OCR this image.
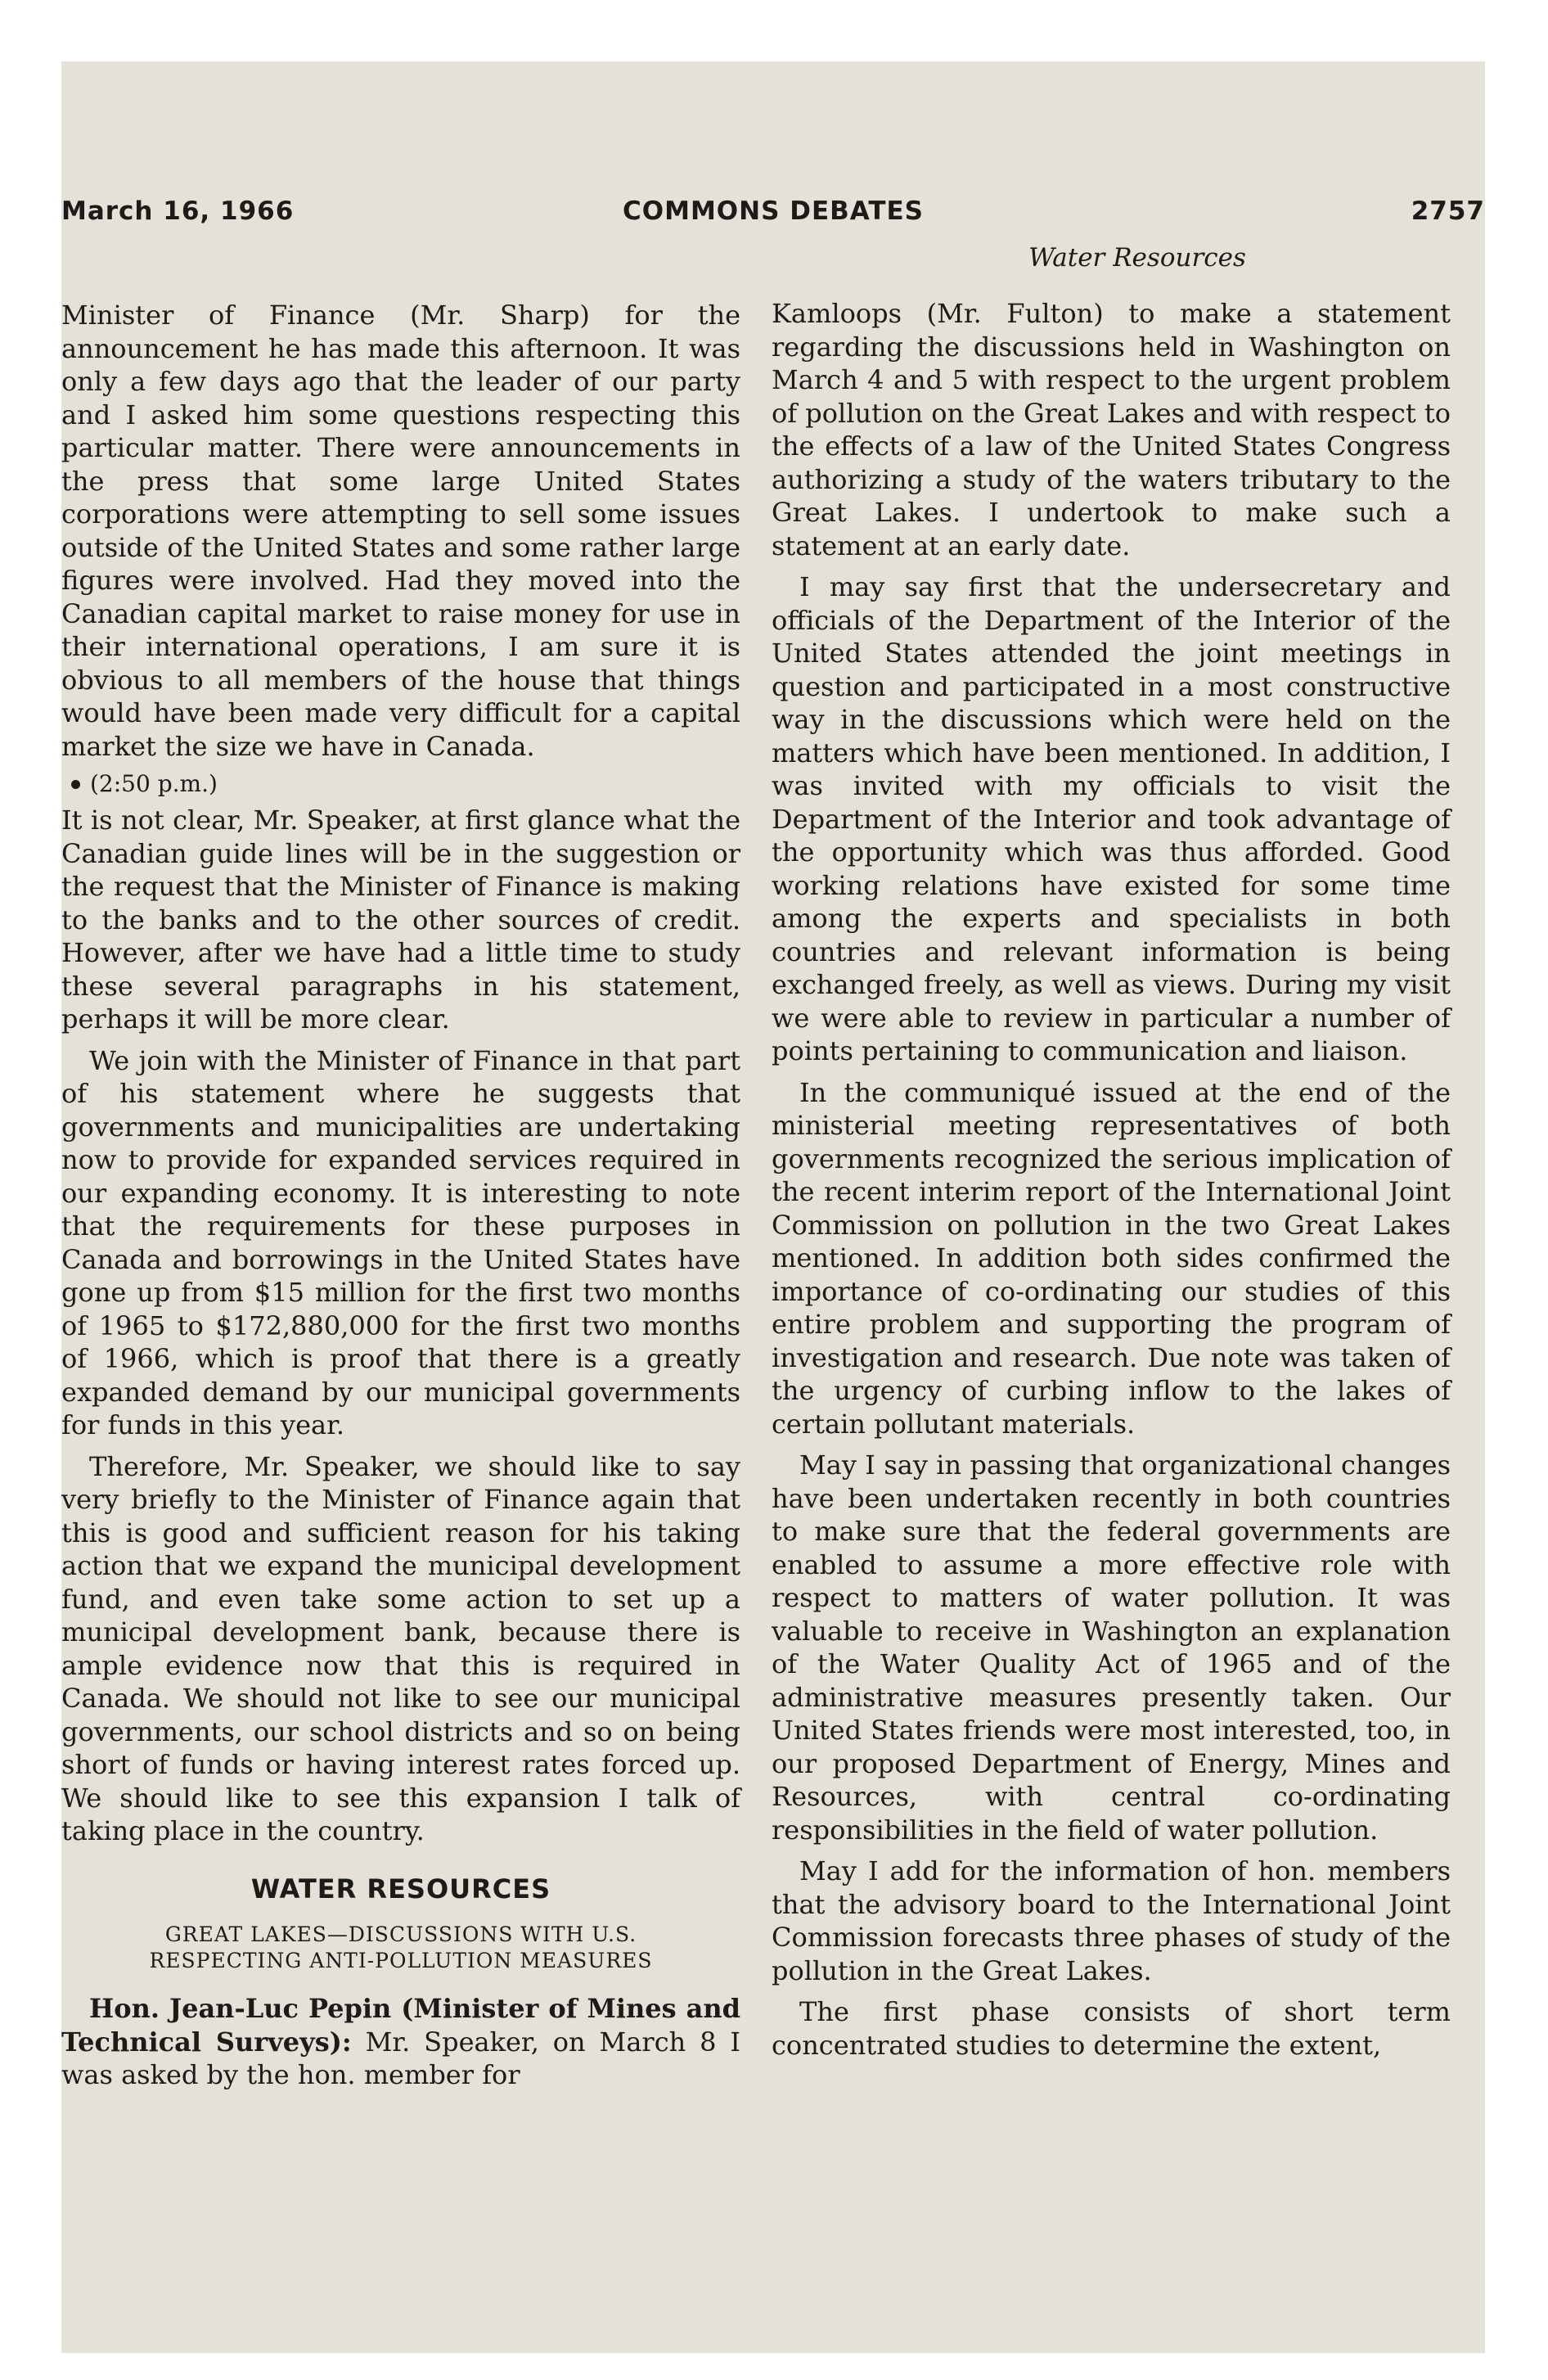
March 16, 1966	COMMONS DEBATES	2757
Water Resources

Minister of Finance (Mr. Sharp) for the announcement he has made this afternoon. It was only a few days ago that the leader of our party and I asked him some questions respecting this particular matter. There were announcements in the press that some large United States corporations were attempting to sell some issues outside of the United States and some rather large figures were involved. Had they moved into the Canadian capital market to raise money for use in their international operations, I am sure it is obvious to all members of the house that things would have been made very difficult for a capital market the size we have in Canada.

(2:50 p.m.)

It is not clear, Mr. Speaker, at first glance what the Canadian guide lines will be in the suggestion or the request that the Minister of Finance is making to the banks and to the other sources of credit. However, after we have had a little time to study these several paragraphs in his statement, perhaps it will be more clear.

We join with the Minister of Finance in that part of his statement where he suggests that governments and municipalities are undertaking now to provide for expanded services required in our expanding economy. It is interesting to note that the requirements for these purposes in Canada and borrowings in the United States have gone up from $15 million for the first two months of 1965 to $172,880,000 for the first two months of 1966, which is proof that there is a greatly expanded demand by our municipal governments for funds in this year.

Therefore, Mr. Speaker, we should like to say very briefly to the Minister of Finance again that this is good and sufficient reason for his taking action that we expand the municipal development fund, and even take some action to set up a municipal development bank, because there is ample evidence now that this is required in Canada. We should not like to see our municipal governments, our school districts and so on being short of funds or having interest rates forced up. We should like to see this expansion I talk of taking place in the country.

WATER RESOURCES
GREAT LAKES—DISCUSSIONS WITH U.S. RESPECTING ANTI-POLLUTION MEASURES

Hon. Jean-Luc Pepin (Minister of Mines and Technical Surveys): Mr. Speaker, on March 8 I was asked by the hon. member for

Kamloops (Mr. Fulton) to make a statement regarding the discussions held in Washington on March 4 and 5 with respect to the urgent problem of pollution on the Great Lakes and with respect to the effects of a law of the United States Congress authorizing a study of the waters tributary to the Great Lakes. I undertook to make such a statement at an early date.

I may say first that the undersecretary and officials of the Department of the Interior of the United States attended the joint meetings in question and participated in a most constructive way in the discussions which were held on the matters which have been mentioned. In addition, I was invited with my officials to visit the Department of the Interior and took advantage of the opportunity which was thus afforded. Good working relations have existed for some time among the experts and specialists in both countries and relevant information is being exchanged freely, as well as views. During my visit we were able to review in particular a number of points pertaining to communication and liaison.

In the communiqué issued at the end of the ministerial meeting representatives of both governments recognized the serious implication of the recent interim report of the International Joint Commission on pollution in the two Great Lakes mentioned. In addition both sides confirmed the importance of co-ordinating our studies of this entire problem and supporting the program of investigation and research. Due note was taken of the urgency of curbing inflow to the lakes of certain pollutant materials.

May I say in passing that organizational changes have been undertaken recently in both countries to make sure that the federal governments are enabled to assume a more effective role with respect to matters of water pollution. It was valuable to receive in Washington an explanation of the Water Quality Act of 1965 and of the administrative measures presently taken. Our United States friends were most interested, too, in our proposed Department of Energy, Mines and Resources, with central co-ordinating responsibilities in the field of water pollution.

May I add for the information of hon. members that the advisory board to the International Joint Commission forecasts three phases of study of the pollution in the Great Lakes.

The first phase consists of short term concentrated studies to determine the extent,
